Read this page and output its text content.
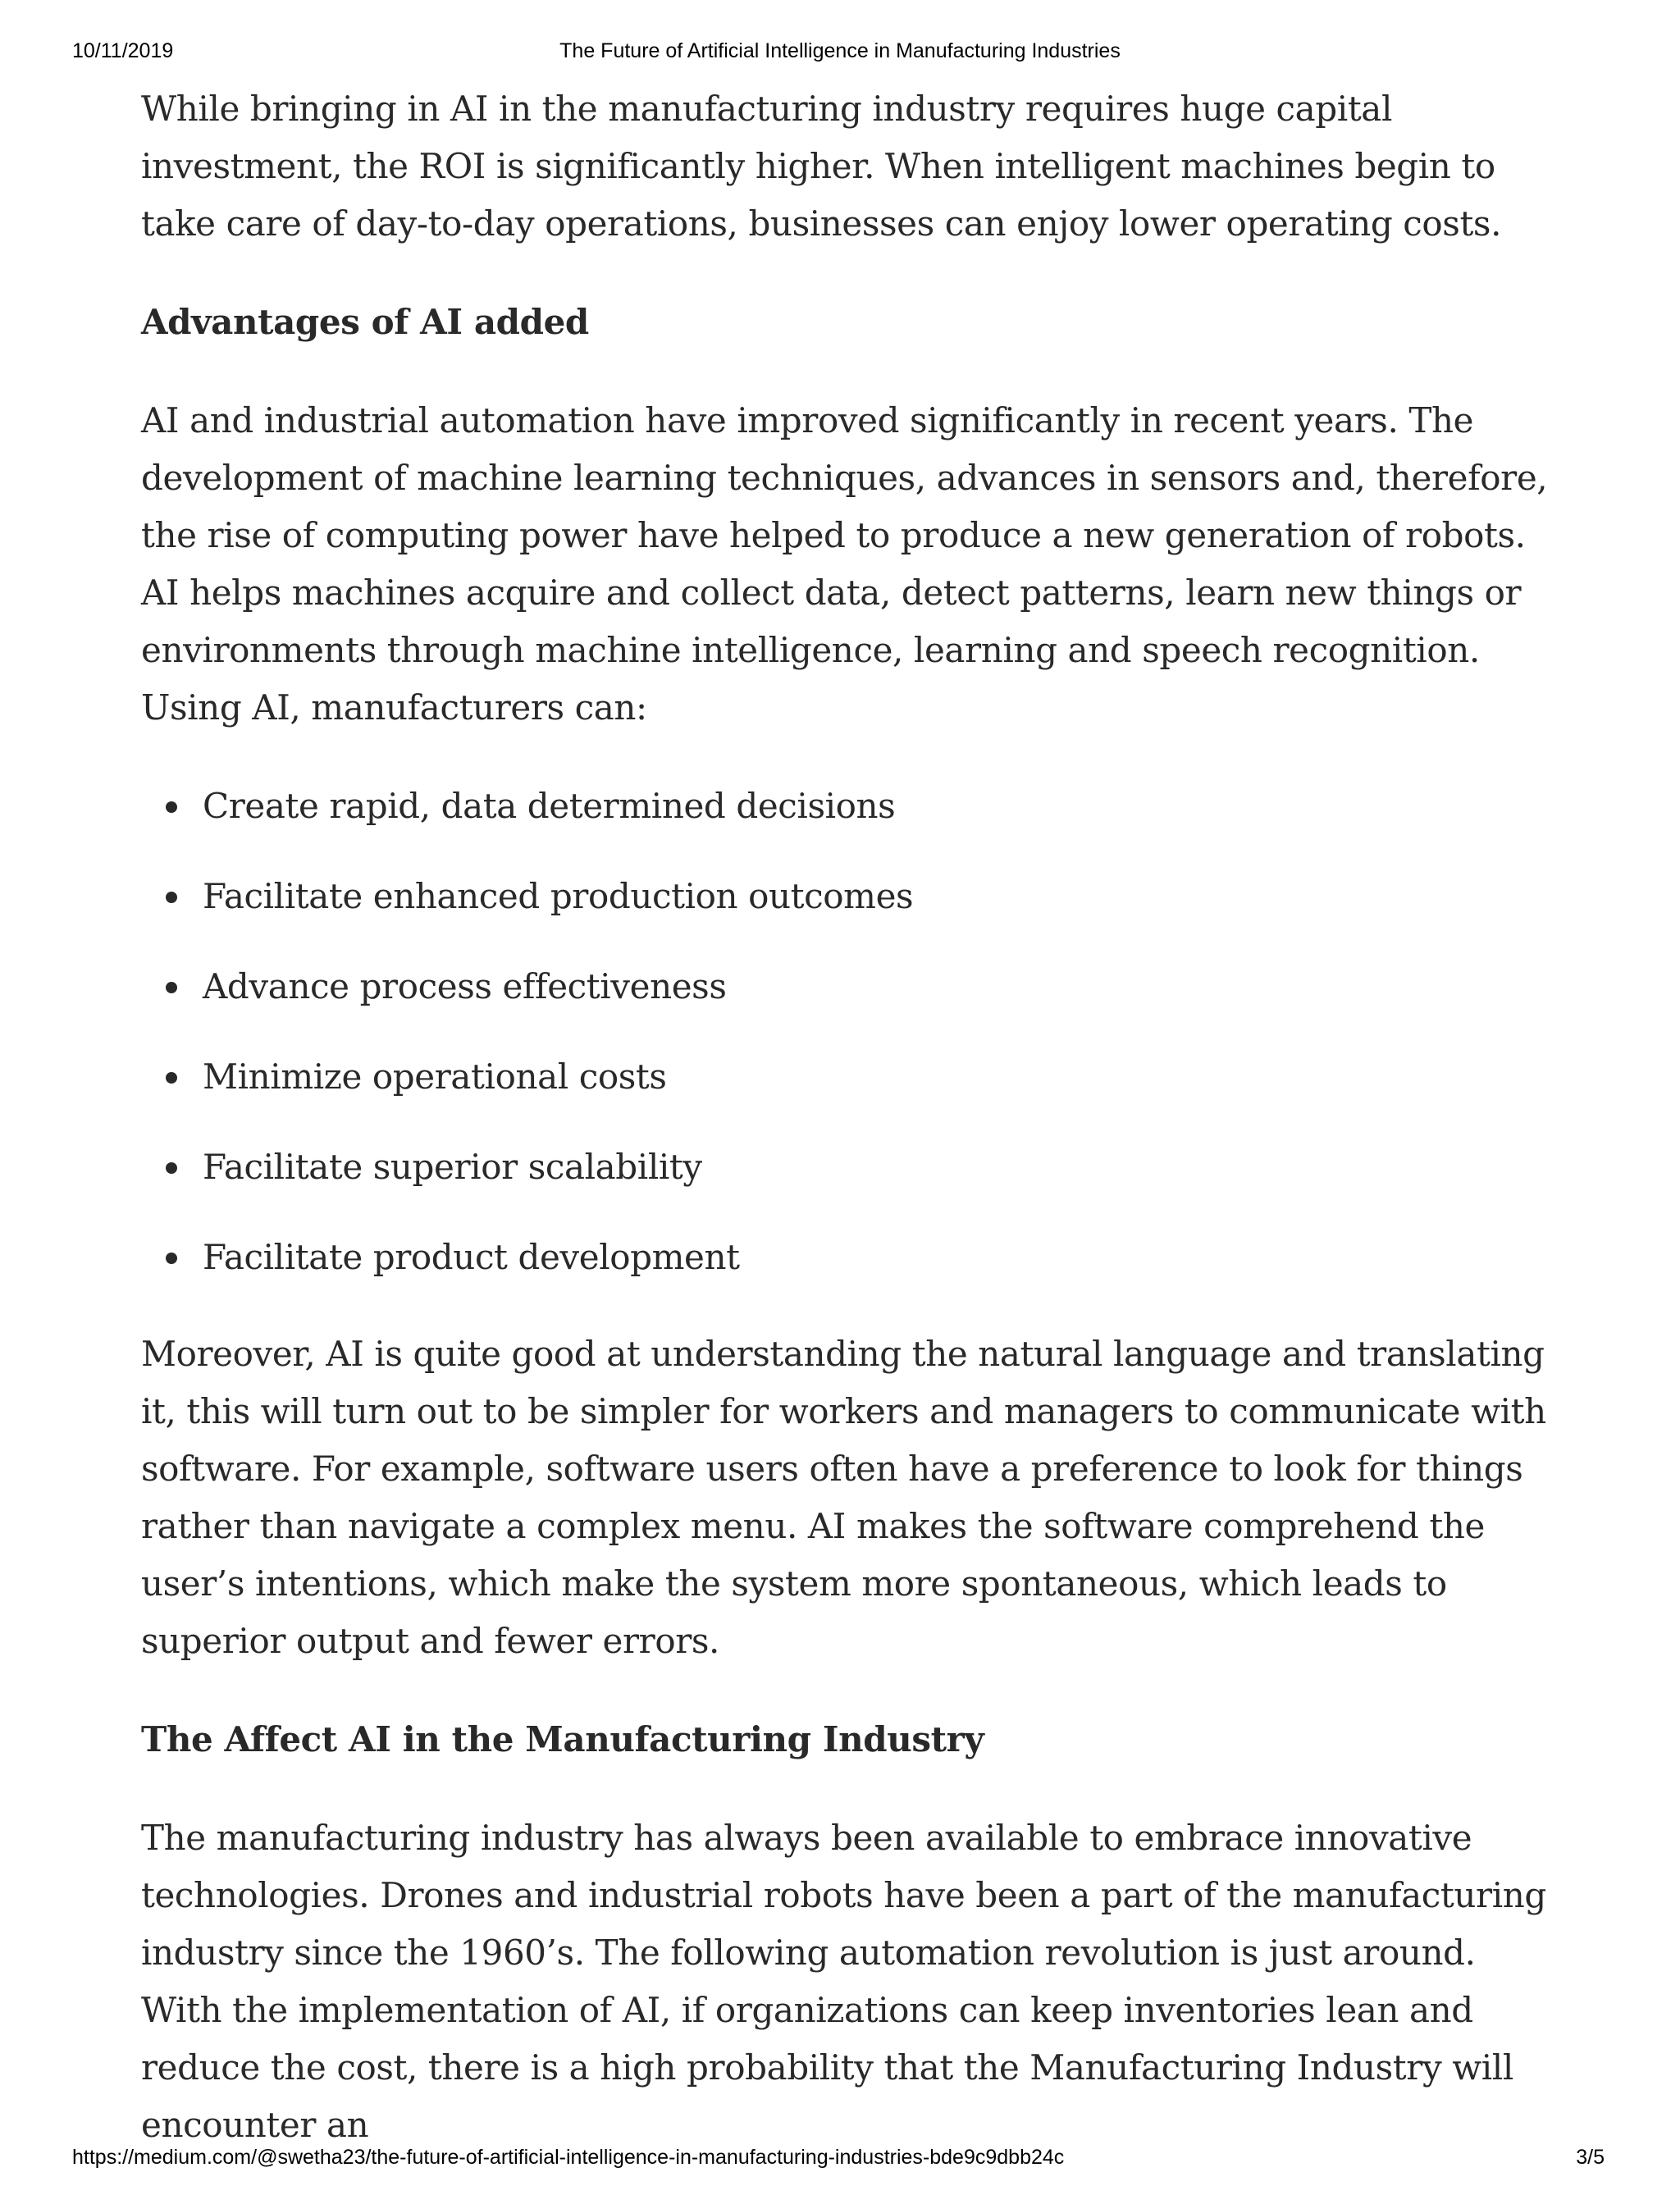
10/11/2019	The Future of Artificial Intelligence in Manufacturing Industries

While bringing in AI in the manufacturing industry requires huge capital investment, the ROI is significantly higher. When intelligent machines begin to take care of day-to-day operations, businesses can enjoy lower operating costs.

Advantages of AI added

AI and industrial automation have improved significantly in recent years. The development of machine learning techniques, advances in sensors and, therefore, the rise of computing power have helped to produce a new generation of robots. AI helps machines acquire and collect data, detect patterns, learn new things or environments through machine intelligence, learning and speech recognition. Using AI, manufacturers can:

Create rapid, data determined decisions
Facilitate enhanced production outcomes
Advance process effectiveness
Minimize operational costs
Facilitate superior scalability
Facilitate product development

Moreover, AI is quite good at understanding the natural language and translating it, this will turn out to be simpler for workers and managers to communicate with software. For example, software users often have a preference to look for things rather than navigate a complex menu. AI makes the software comprehend the user’s intentions, which make the system more spontaneous, which leads to superior output and fewer errors.

The Affect AI in the Manufacturing Industry

The manufacturing industry has always been available to embrace innovative technologies. Drones and industrial robots have been a part of the manufacturing industry since the 1960’s. The following automation revolution is just around. With the implementation of AI, if organizations can keep inventories lean and reduce the cost, there is a high probability that the Manufacturing Industry will encounter an

https://medium.com/@swetha23/the-future-of-artificial-intelligence-in-manufacturing-industries-bde9c9dbb24c	3/5
